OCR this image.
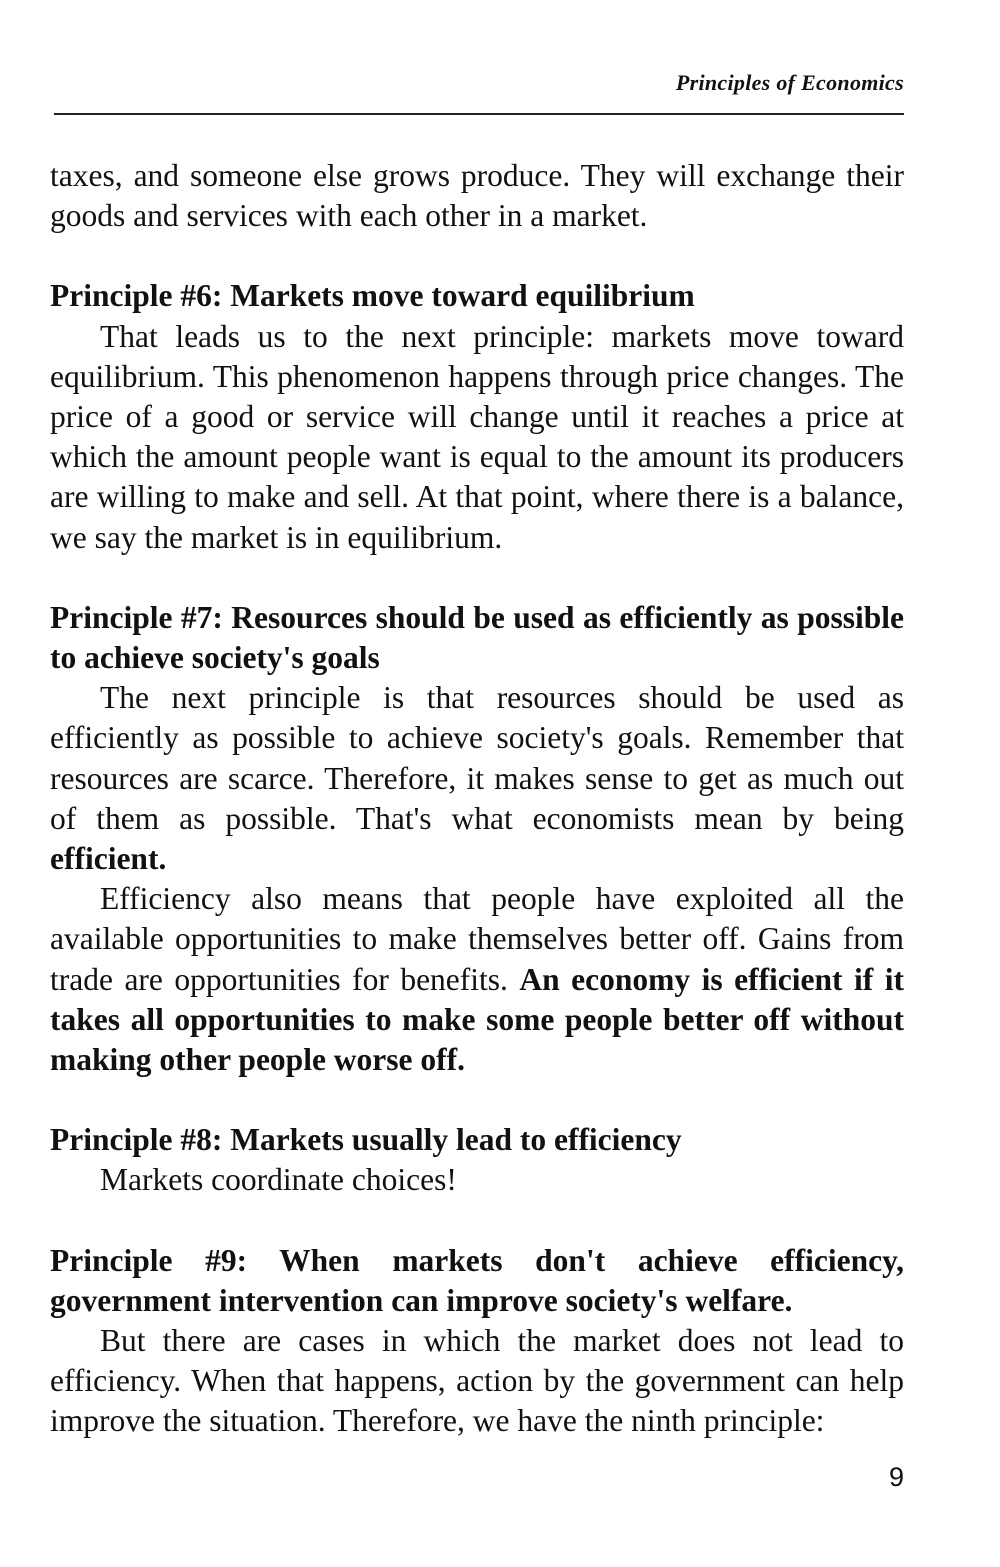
Principles of Economics

taxes, and someone else grows produce. They will exchange their goods and services with each other in a market.

Principle #6: Markets move toward equilibrium

That leads us to the next principle: markets move toward equilibrium. This phenomenon happens through price changes. The price of a good or service will change until it reaches a price at which the amount people want is equal to the amount its producers are willing to make and sell. At that point, where there is a balance, we say the market is in equilibrium.

Principle #7: Resources should be used as efficiently as possible to achieve society's goals

The next principle is that resources should be used as efficiently as possible to achieve society's goals. Remember that resources are scarce. Therefore, it makes sense to get as much out of them as possible. That's what economists mean by being efficient.

Efficiency also means that people have exploited all the available opportunities to make themselves better off. Gains from trade are opportunities for benefits. An economy is efficient if it takes all opportunities to make some people better off without making other people worse off.

Principle #8: Markets usually lead to efficiency

Markets coordinate choices!

Principle #9: When markets don't achieve efficiency, government intervention can improve society's welfare.

But there are cases in which the market does not lead to efficiency. When that happens, action by the government can help improve the situation. Therefore, we have the ninth principle:

9
